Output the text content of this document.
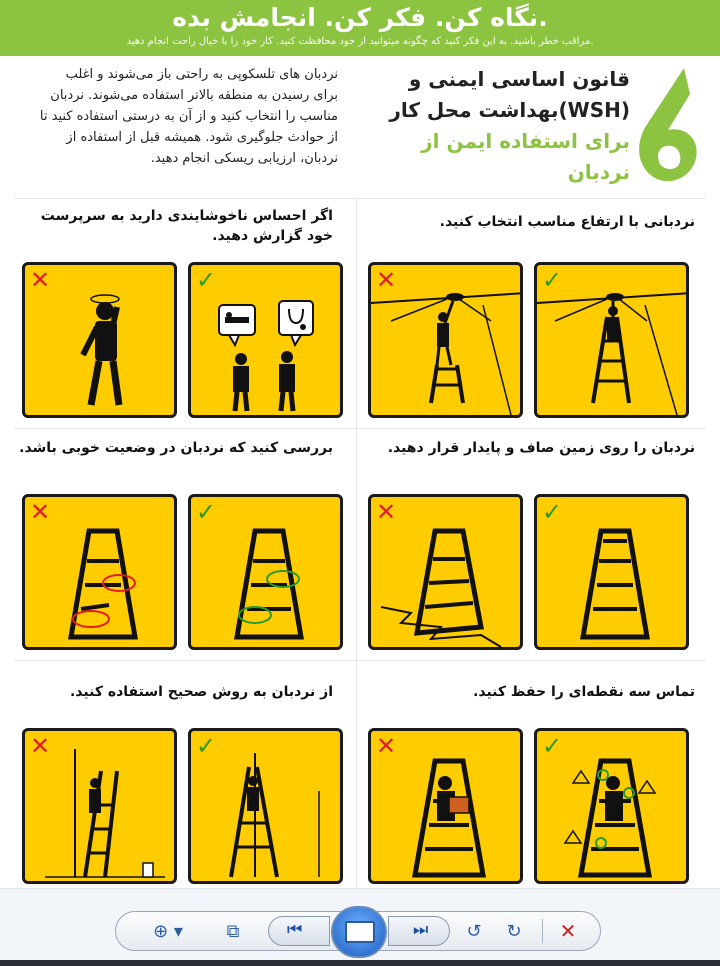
نگاه کن. فکر کن. انجامش بده.
مراقب خطر باشید. به این فکر کنید که چگونه میتوانید از خود محافظت کنید. کار خود را با خیال راحت انجام دهید.
قانون اساسی ایمنی و
بهداشت محل کار(WSH)
برای استفاده ایمن از
نردبان
نردبان های تلسکوپی به راحتی باز می‌شوند و اغلب برای رسیدن به منطقه بالاتر استفاده می‌شوند. نردبان مناسب را انتخاب کنید و از آن به درستی استفاده کنید تا از حوادث جلوگیری شود. همیشه قبل از استفاده از نردبان، ارزیابی ریسکی انجام دهید.
نردبانی با ارتفاع مناسب انتخاب کنید.
✓
✕
اگر احساس ناخوشایندی دارید به سرپرست خود گزارش دهید.
✓
✕
نردبان را روی زمین صاف و پایدار قرار دهید.
✓
✕
بررسی کنید که نردبان در وضعیت خوبی باشد.
✓
✕
تماس سه نقطه‌ای را حفظ کنید.
✓
✕
از نردبان به روش صحیح استفاده کنید.
✓
✕
⊕ ▾ ⧉	⏮	⏭ ↺ ↻ ✕
